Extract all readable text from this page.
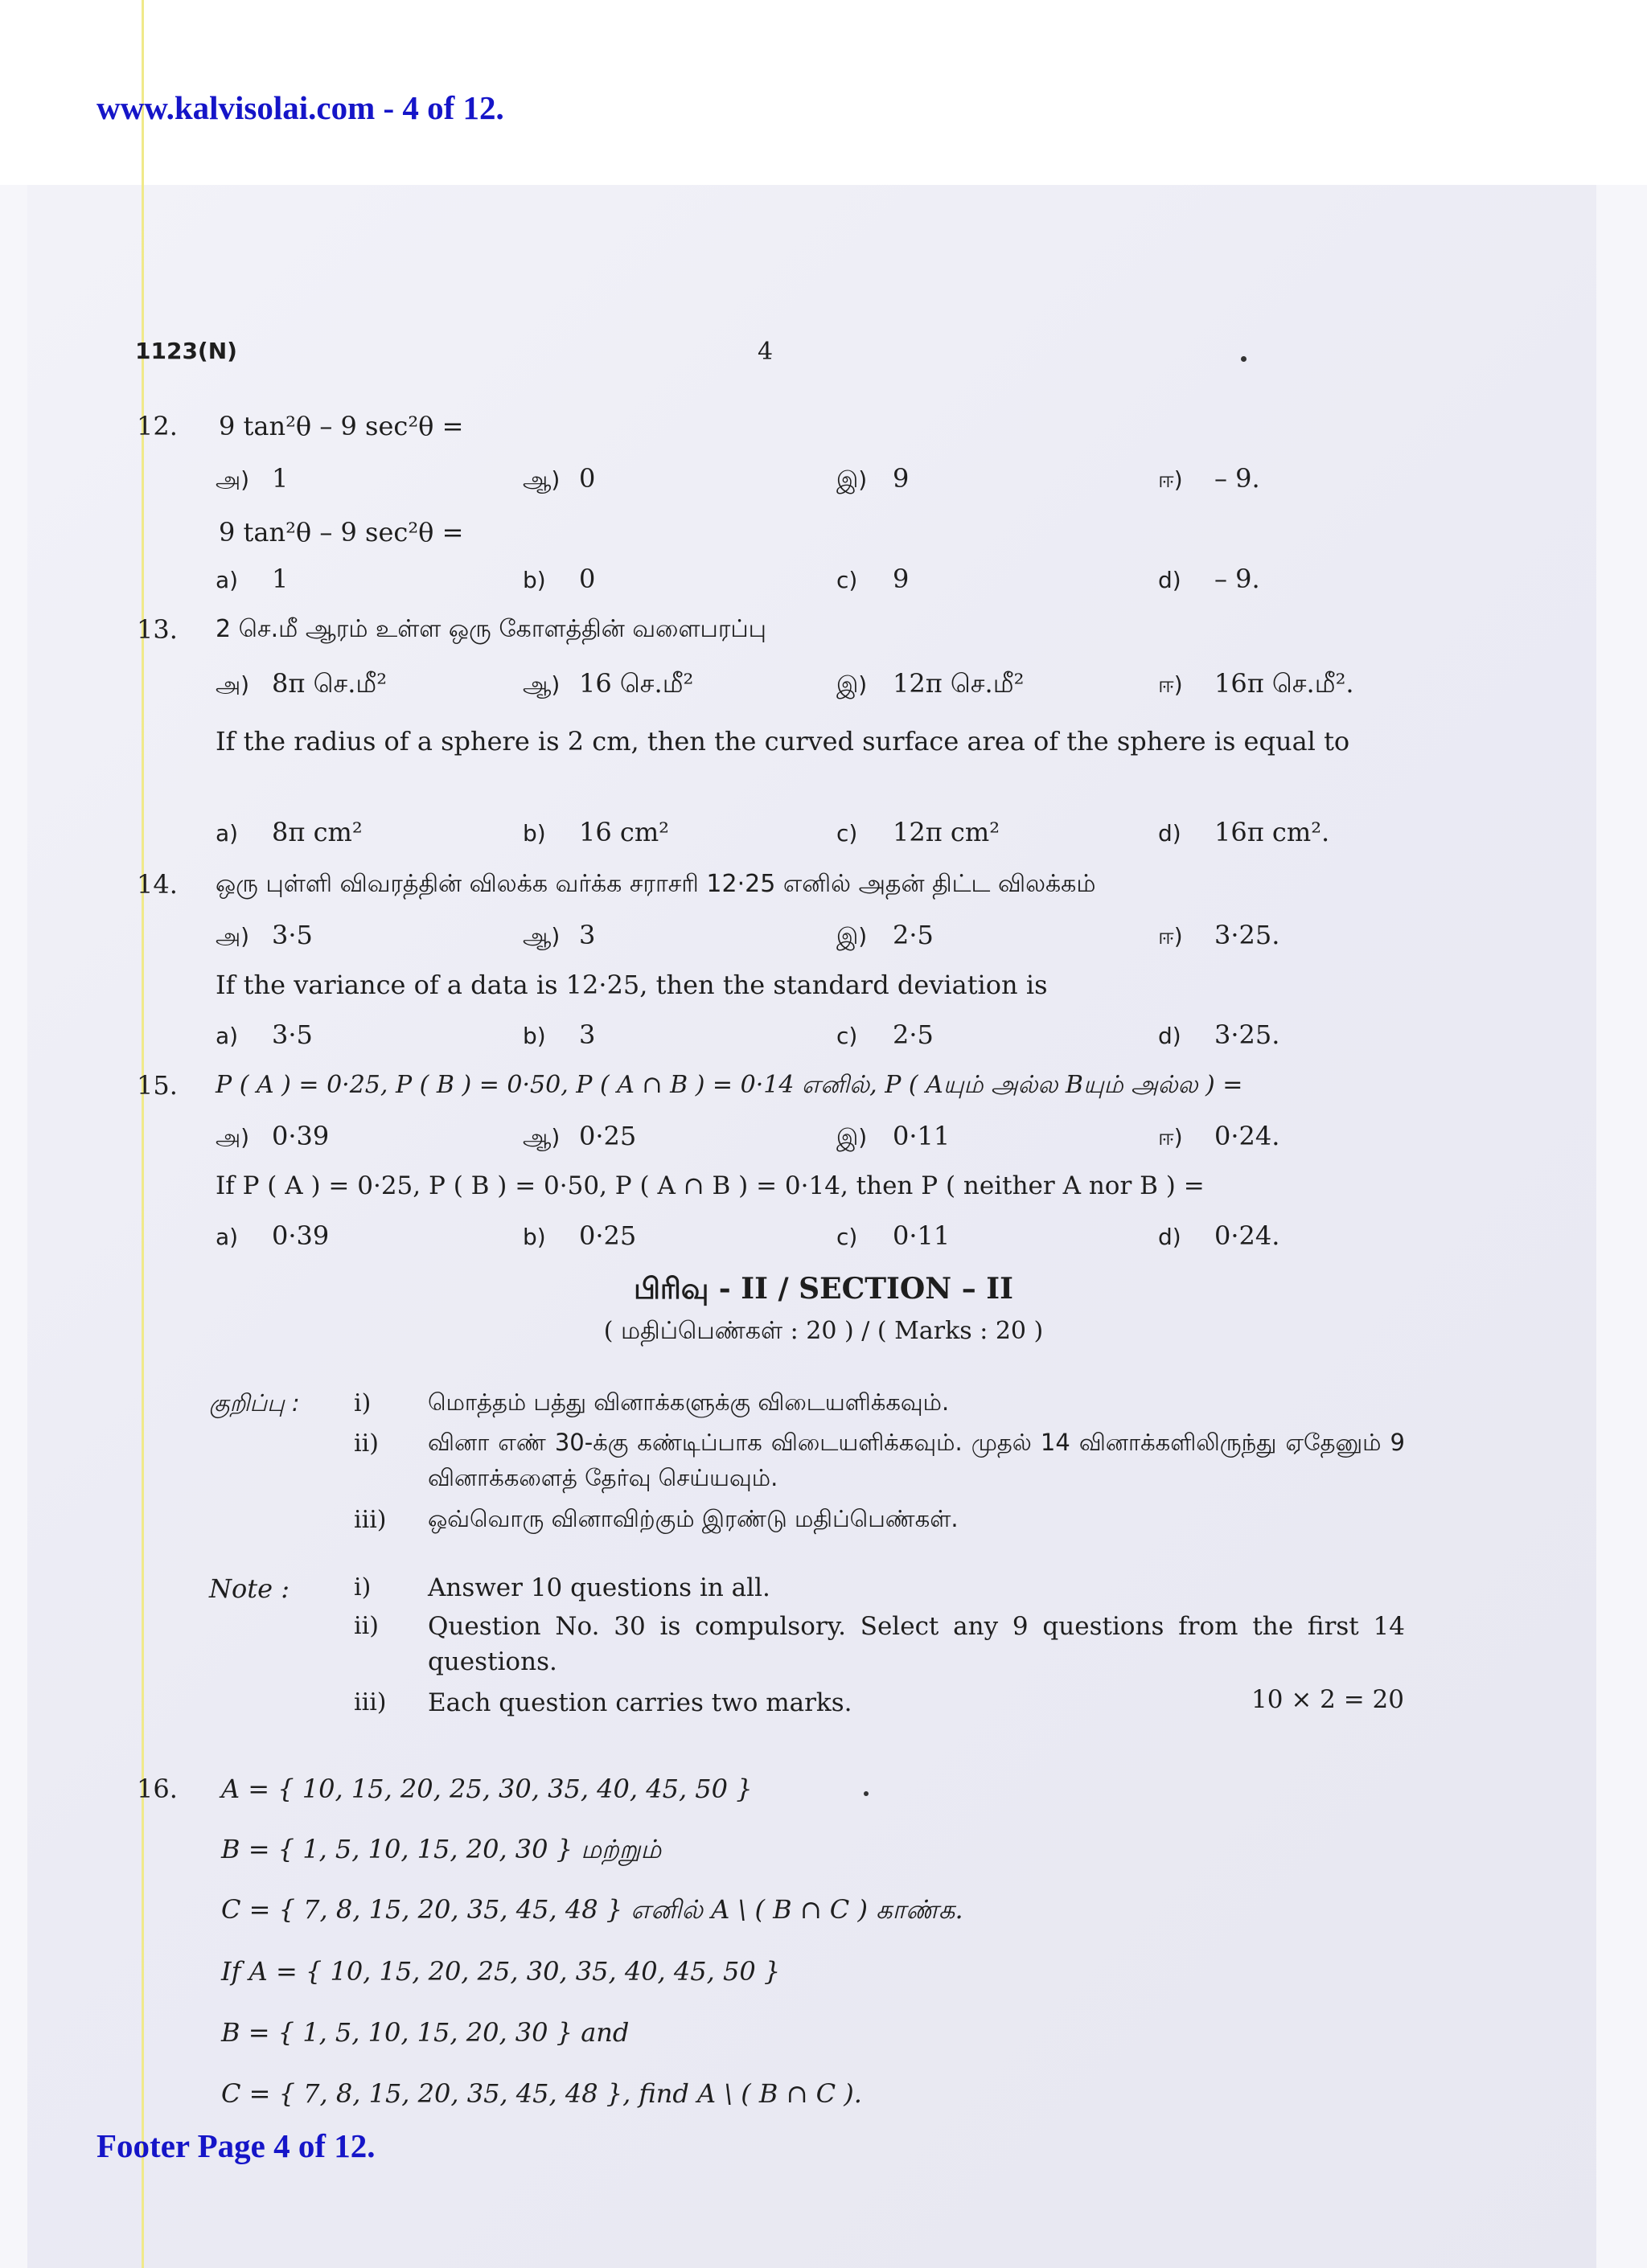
www.kalvisolai.com - 4 of 12.
1123(N)	4
12. 9 tan²θ – 9 sec²θ =
அ) 1	ஆ) 0	இ) 9	ஈ) – 9.
9 tan²θ – 9 sec²θ =
a) 1	b) 0	c) 9	d) – 9.
13. 2 செ.மீ ஆரம் உள்ள ஒரு கோளத்தின் வளைபரப்பு
அ) 8π செ.மீ²	ஆ) 16 செ.மீ²	இ) 12π செ.மீ²	ஈ) 16π செ.மீ².
If the radius of a sphere is 2 cm, then the curved surface area of the sphere is equal to
a) 8π cm²	b) 16 cm²	c) 12π cm²	d) 16π cm².
14. ஒரு புள்ளி விவரத்தின் விலக்க வர்க்க சராசரி 12·25 எனில் அதன் திட்ட விலக்கம்
அ) 3·5	ஆ) 3	இ) 2·5	ஈ) 3·25.
If the variance of a data is 12·25, then the standard deviation is
a) 3·5	b) 3	c) 2·5	d) 3·25.
15. P ( A ) = 0·25, P ( B ) = 0·50, P ( A ∩ B ) = 0·14 எனில், P ( Aயும் அல்ல Bயும் அல்ல ) =
அ) 0·39	ஆ) 0·25	இ) 0·11	ஈ) 0·24.
If P ( A ) = 0·25, P ( B ) = 0·50, P ( A ∩ B ) = 0·14, then P ( neither A nor B ) =
a) 0·39	b) 0·25	c) 0·11	d) 0·24.
பிரிவு - II / SECTION – II
( மதிப்பெண்கள் : 20 ) / ( Marks : 20 )
குறிப்பு : i) மொத்தம் பத்து வினாக்களுக்கு விடையளிக்கவும்.
ii) வினா எண் 30-க்கு கண்டிப்பாக விடையளிக்கவும். முதல் 14 வினாக்களிலிருந்து ஏதேனும் 9 வினாக்களைத் தேர்வு செய்யவும்.
iii) ஒவ்வொரு வினாவிற்கும் இரண்டு மதிப்பெண்கள்.
Note :	i) Answer 10 questions in all.
ii) Question No. 30 is compulsory. Select any 9 questions from the first 14 questions.
iii) Each question carries two marks.	10 × 2 = 20
16. A = { 10, 15, 20, 25, 30, 35, 40, 45, 50 }
B = { 1, 5, 10, 15, 20, 30 } மற்றும்
C = { 7, 8, 15, 20, 35, 45, 48 } எனில் A \ ( B ∩ C ) காண்க.
If A = { 10, 15, 20, 25, 30, 35, 40, 45, 50 }
B = { 1, 5, 10, 15, 20, 30 } and
C = { 7, 8, 15, 20, 35, 45, 48 }, find A \ ( B ∩ C ).
Footer Page 4 of 12.
